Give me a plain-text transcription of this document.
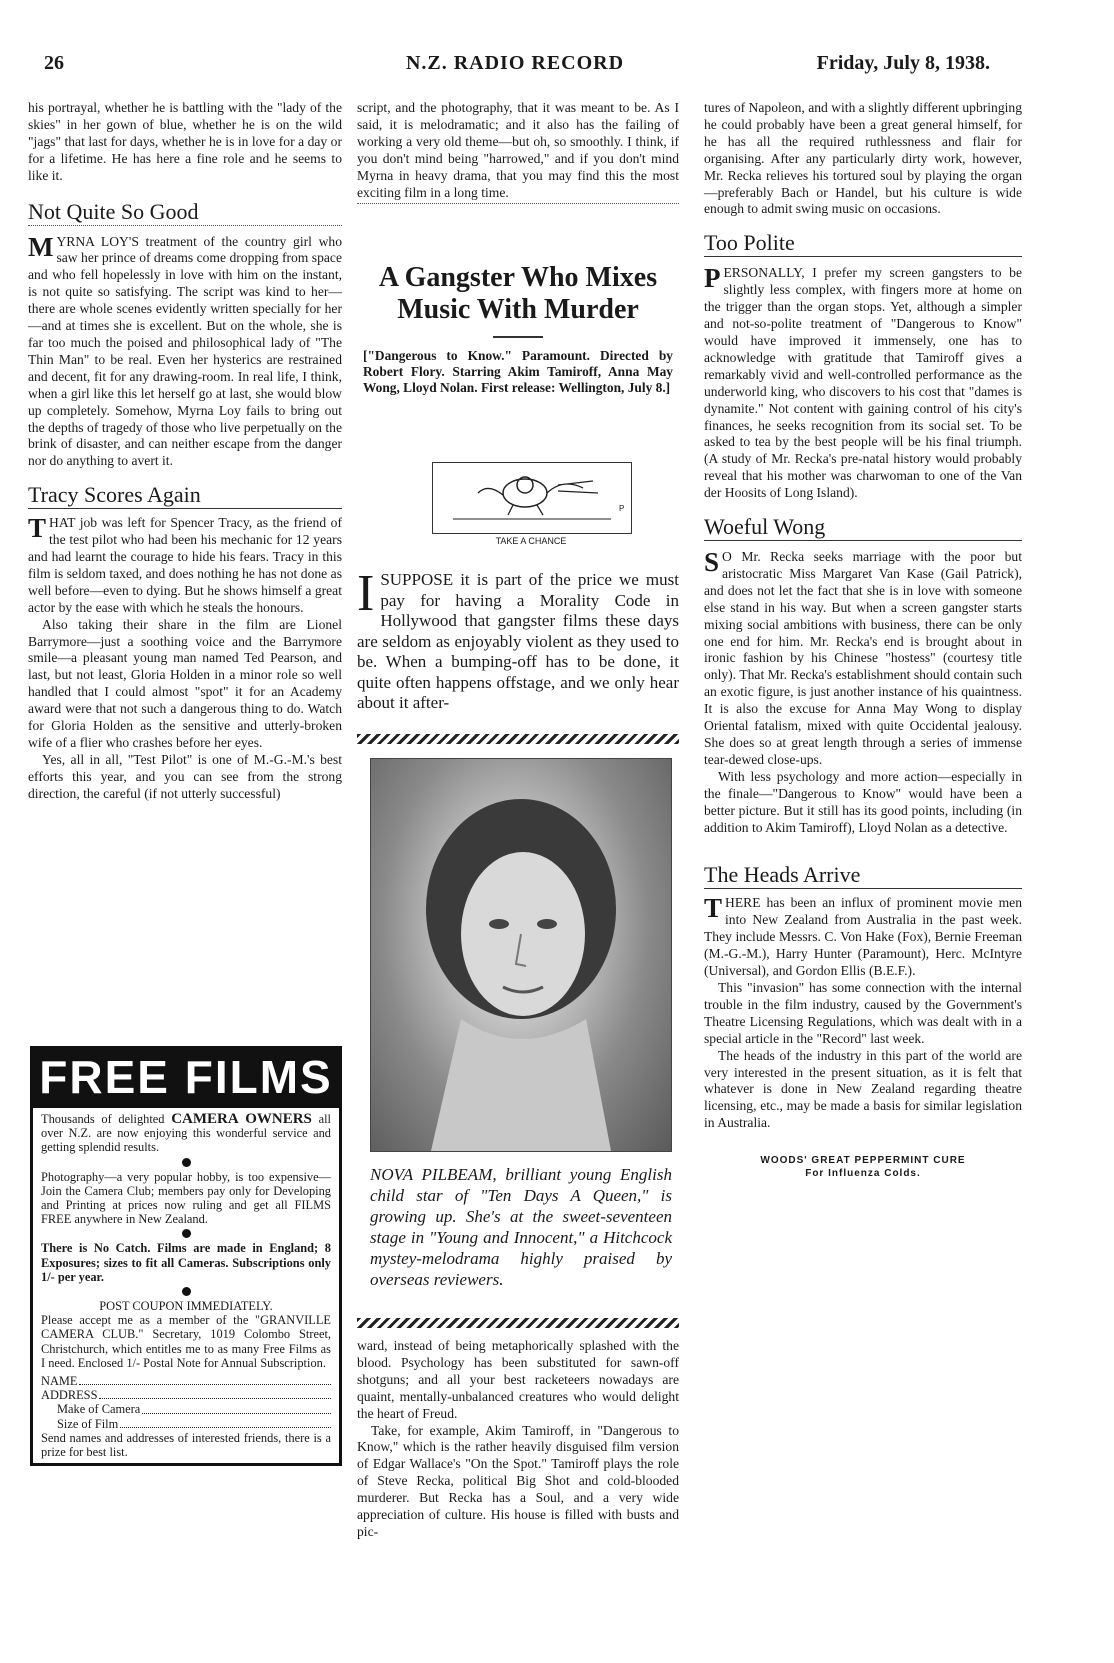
26	N.Z. RADIO RECORD	Friday, July 8, 1938.

his portrayal, whether he is battling with the "lady of the skies" in her gown of blue, whether he is on the wild "jags" that last for days, whether he is in love for a day or for a lifetime. He has here a fine role and he seems to like it.

Not Quite So Good

MYRNA LOY'S treatment of the country girl who saw her prince of dreams come dropping from space and who fell hopelessly in love with him on the instant, is not quite so satisfying. The script was kind to her—there are whole scenes evidently written specially for her—and at times she is excellent. But on the whole, she is far too much the poised and philosophical lady of "The Thin Man" to be real. Even her hysterics are restrained and decent, fit for any drawing-room. In real life, I think, when a girl like this let herself go at last, she would blow up completely. Somehow, Myrna Loy fails to bring out the depths of tragedy of those who live perpetually on the brink of disaster, and can neither escape from the danger nor do anything to avert it.

Tracy Scores Again

THAT job was left for Spencer Tracy, as the friend of the test pilot who had been his mechanic for 12 years and had learnt the courage to hide his fears. Tracy in this film is seldom taxed, and does nothing he has not done as well before—even to dying. But he shows himself a great actor by the ease with which he steals the honours.

Also taking their share in the film are Lionel Barrymore—just a soothing voice and the Barrymore smile—a pleasant young man named Ted Pearson, and last, but not least, Gloria Holden in a minor role so well handled that I could almost "spot" it for an Academy award were that not such a dangerous thing to do. Watch for Gloria Holden as the sensitive and utterly-broken wife of a flier who crashes before her eyes.

Yes, all in all, "Test Pilot" is one of M.-G.-M.'s best efforts this year, and you can see from the strong direction, the careful (if not utterly successful)

FREE FILMS

Thousands of delighted CAMERA OWNERS all over N.Z. are now enjoying this wonderful service and getting splendid results.

Photography—a very popular hobby, is too expensive—Join the Camera Club; members pay only for Developing and Printing at prices now ruling and get all FILMS FREE anywhere in New Zealand.

There is No Catch. Films are made in England; 8 Exposures; sizes to fit all Cameras. Subscriptions only 1/- per year.

POST COUPON IMMEDIATELY.

Please accept me as a member of the "GRANVILLE CAMERA CLUB." Secretary, 1019 Colombo Street, Christchurch, which entitles me to as many Free Films as I need. Enclosed 1/- Postal Note for Annual Subscription.

NAME
ADDRESS
Make of Camera
Size of Film

Send names and addresses of interested friends, there is a prize for best list.

script, and the photography, that it was meant to be. As I said, it is melodramatic; and it also has the failing of working a very old theme—but oh, so smoothly. I think, if you don't mind being "harrowed," and if you don't mind Myrna in heavy drama, that you may find this the most exciting film in a long time.

A Gangster Who Mixes Music With Murder
["Dangerous to Know." Paramount. Directed by Robert Flory. Starring Akim Tamiroff, Anna May Wong, Lloyd Nolan. First release: Wellington, July 8.]
P
TAKE A CHANCE
ISUPPOSE it is part of the price we must pay for having a Morality Code in Hollywood that gangster films these days are seldom as enjoyably violent as they used to be. When a bumping-off has to be done, it quite often happens offstage, and we only hear about it after-
NOVA PILBEAM, brilliant young English child star of "Ten Days A Queen," is growing up. She's at the sweet-seventeen stage in "Young and Innocent," a Hitchcock mystey-melodrama highly praised by overseas reviewers.

ward, instead of being metaphorically splashed with the blood. Psychology has been substituted for sawn-off shotguns; and all your best racketeers nowadays are quaint, mentally-unbalanced creatures who would delight the heart of Freud.

Take, for example, Akim Tamiroff, in "Dangerous to Know," which is the rather heavily disguised film version of Edgar Wallace's "On the Spot." Tamiroff plays the role of Steve Recka, political Big Shot and cold-blooded murderer. But Recka has a Soul, and a very wide appreciation of culture. His house is filled with busts and pic-

tures of Napoleon, and with a slightly different upbringing he could probably have been a great general himself, for he has all the required ruthlessness and flair for organising. After any particularly dirty work, however, Mr. Recka relieves his tortured soul by playing the organ—preferably Bach or Handel, but his culture is wide enough to admit swing music on occasions.

Too Polite

PERSONALLY, I prefer my screen gangsters to be slightly less complex, with fingers more at home on the trigger than the organ stops. Yet, although a simpler and not-so-polite treatment of "Dangerous to Know" would have improved it immensely, one has to acknowledge with gratitude that Tamiroff gives a remarkably vivid and well-controlled performance as the underworld king, who discovers to his cost that "dames is dynamite." Not content with gaining control of his city's finances, he seeks recognition from its social set. To be asked to tea by the best people will be his final triumph. (A study of Mr. Recka's pre-natal history would probably reveal that his mother was charwoman to one of the Van der Hoosits of Long Island).

Woeful Wong

S O Mr. Recka seeks marriage with the poor but aristocratic Miss Margaret Van Kase (Gail Patrick), and does not let the fact that she is in love with someone else stand in his way. But when a screen gangster starts mixing social ambitions with business, there can be only one end for him. Mr. Recka's end is brought about in ironic fashion by his Chinese "hostess" (courtesy title only). That Mr. Recka's establishment should contain such an exotic figure, is just another instance of his quaintness. It is also the excuse for Anna May Wong to display Oriental fatalism, mixed with quite Occidental jealousy. She does so at great length through a series of immense tear-dewed close-ups.

With less psychology and more action—especially in the finale—"Dangerous to Know" would have been a better picture. But it still has its good points, including (in addition to Akim Tamiroff), Lloyd Nolan as a detective.

The Heads Arrive

THERE has been an influx of prominent movie men into New Zealand from Australia in the past week. They include Messrs. C. Von Hake (Fox), Bernie Freeman (M.-G.-M.), Harry Hunter (Paramount), Herc. McIntyre (Universal), and Gordon Ellis (B.E.F.).

This "invasion" has some connection with the internal trouble in the film industry, caused by the Government's Theatre Licensing Regulations, which was dealt with in a special article in the "Record" last week.

The heads of the industry in this part of the world are very interested in the present situation, as it is felt that whatever is done in New Zealand regarding theatre licensing, etc., may be made a basis for similar legislation in Australia.

WOODS' GREAT PEPPERMINT CURE
For Influenza Colds.
